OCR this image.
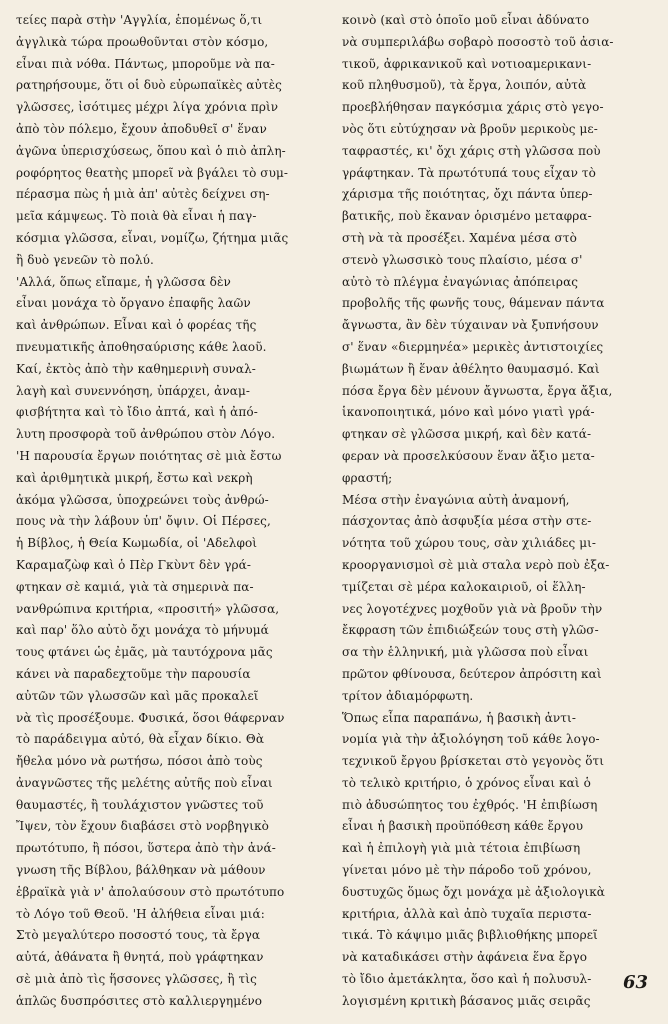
τείες παρὰ στὴν 'Αγγλία, ἑπομένως ὅ,τι
ἀγγλικὰ τώρα προωθοῦνται στὸν κόσμο,
εἶναι πιὰ νόθα. Πάντως, μποροῦμε νὰ πα-
ρατηρήσουμε, ὅτι οἱ δυὸ εὐρωπαϊκὲς αὐτὲς
γλῶσσες, ἰσότιμες μέχρι λίγα χρόνια πρὶν
ἀπὸ τὸν πόλεμο, ἔχουν ἀποδυθεῖ σ' ἕναν
ἀγῶνα ὑπερισχύσεως, ὅπου καὶ ὁ πιὸ ἀπλη-
ροφόρητος θεατὴς μπορεῖ νὰ βγάλει τὸ συμ-
πέρασμα πὼς ἡ μιὰ ἀπ' αὐτὲς δείχνει ση-
μεῖα κάμψεως. Τὸ ποιὰ θὰ εἶναι ἡ παγ-
κόσμια γλῶσσα, εἶναι, νομίζω, ζήτημα μιᾶς
ἢ δυὸ γενεῶν τὸ πολύ.
'Αλλά, ὅπως εἴπαμε, ἡ γλῶσσα δὲν
εἶναι μονάχα τὸ ὄργανο ἐπαφῆς λαῶν
καὶ ἀνθρώπων. Εἶναι καὶ ὁ φορέας τῆς
πνευματικῆς ἀποθησαύρισης κάθε λαοῦ.
Καί, ἐκτὸς ἀπὸ τὴν καθημερινὴ συναλ-
λαγὴ καὶ συνεννόηση, ὑπάρχει, ἀναμ-
φισβήτητα καὶ τὸ ἴδιο ἀπτά, καὶ ἡ ἀπό-
λυτη προσφορὰ τοῦ ἀνθρώπου στὸν Λόγο.
'Η παρουσία ἔργων ποιότητας σὲ μιὰ ἔστω
καὶ ἀριθμητικὰ μικρή, ἔστω καὶ νεκρὴ
ἀκόμα γλῶσσα, ὑποχρεώνει τοὺς ἀνθρώ-
πους νὰ τὴν λάβουν ὑπ' ὄψιν. Οἱ Πέρσες,
ἡ Βίβλος, ἡ Θεία Κωμωδία, οἱ 'Αδελφοὶ
Καραμαζὼφ καὶ ὁ Πὲρ Γκὺντ δὲν γρά-
φτηκαν σὲ καμιά, γιὰ τὰ σημερινὰ πα-
νανθρώπινα κριτήρια, «προσιτή» γλῶσσα,
καὶ παρ' ὅλο αὐτὸ ὄχι μονάχα τὸ μήνυμά
τους φτάνει ὡς ἐμᾶς, μὰ ταυτόχρονα μᾶς
κάνει νὰ παραδεχτοῦμε τὴν παρουσία
αὐτῶν τῶν γλωσσῶν καὶ μᾶς προκαλεῖ
νὰ τὶς προσέξουμε. Φυσικά, ὅσοι θάφερναν
τὸ παράδειγμα αὐτό, θὰ εἶχαν δίκιο. Θὰ
ἤθελα μόνο νὰ ρωτήσω, πόσοι ἀπὸ τοὺς
ἀναγνῶστες τῆς μελέτης αὐτῆς ποὺ εἶναι
θαυμαστές, ἢ τουλάχιστον γνῶστες τοῦ
Ἴψεν, τὸν ἔχουν διαβάσει στὸ νορβηγικὸ
πρωτότυπο, ἢ πόσοι, ὕστερα ἀπὸ τὴν ἀνά-
γνωση τῆς Βίβλου, βάλθηκαν νὰ μάθουν
ἑβραϊκὰ γιὰ ν' ἀπολαύσουν στὸ πρωτότυπο
τὸ Λόγο τοῦ Θεοῦ. 'Η ἀλήθεια εἶναι μιά:
Στὸ μεγαλύτερο ποσοστό τους, τὰ ἔργα
αὐτά, ἀθάνατα ἢ θνητά, ποὺ γράφτηκαν
σὲ μιὰ ἀπὸ τὶς ἥσσονες γλῶσσες, ἢ τὶς
ἁπλῶς δυσπρόσιτες στὸ καλλιεργημένο
κοινὸ (καὶ στὸ ὁποῖο μοῦ εἶναι ἀδύνατο
νὰ συμπεριλάβω σοβαρὸ ποσοστὸ τοῦ ἀσια-
τικοῦ, ἀφρικανικοῦ καὶ νοτιοαμερικανι-
κοῦ πληθυσμοῦ), τὰ ἔργα, λοιπόν, αὐτὰ
προεβλήθησαν παγκόσμια χάρις στὸ γεγο-
νὸς ὅτι εὐτύχησαν νὰ βροῦν μερικοὺς με-
ταφραστές, κι' ὄχι χάρις στὴ γλῶσσα ποὺ
γράφτηκαν. Τὰ πρωτότυπά τους εἶχαν τὸ
χάρισμα τῆς ποιότητας, ὄχι πάντα ὑπερ-
βατικῆς, ποὺ ἔκαναν ὁρισμένο μεταφρα-
στὴ νὰ τὰ προσέξει. Χαμένα μέσα στὸ
στενὸ γλωσσικὸ τους πλαίσιο, μέσα σ'
αὐτὸ τὸ πλέγμα ἐναγώνιας ἀπόπειρας
προβολῆς τῆς φωνῆς τους, θάμεναν πάντα
ἄγνωστα, ἂν δὲν τύχαιναν νὰ ξυπνήσουν
σ' ἕναν «διερμηνέα» μερικὲς ἀντιστοιχίες
βιωμάτων ἢ ἕναν ἀθέλητο θαυμασμό. Καὶ
πόσα ἔργα δὲν μένουν ἄγνωστα, ἔργα ἄξια,
ἱκανοποιητικά, μόνο καὶ μόνο γιατὶ γρά-
φτηκαν σὲ γλῶσσα μικρή, καὶ δὲν κατά-
φεραν νὰ προσελκύσουν ἕναν ἄξιο μετα-
φραστή;
Μέσα στὴν ἐναγώνια αὐτὴ ἀναμονή,
πάσχοντας ἀπὸ ἀσφυξία μέσα στὴν στε-
νότητα τοῦ χώρου τους, σὰν χιλιάδες μι-
κροοργανισμοὶ σὲ μιὰ σταλα νερὸ ποὺ ἐξα-
τμίζεται σὲ μέρα καλοκαιριοῦ, οἱ ἕλλη-
νες λογοτέχνες μοχθοῦν γιὰ νὰ βροῦν τὴν
ἔκφραση τῶν ἐπιδιώξεών τους στὴ γλῶσ-
σα τὴν ἑλληνική, μιὰ γλῶσσα ποὺ εἶναι
πρῶτον φθίνουσα, δεύτερον ἀπρόσιτη καὶ
τρίτον ἀδιαμόρφωτη.
Ὅπως εἶπα παραπάνω, ἡ βασικὴ ἀντι-
νομία γιὰ τὴν ἀξιολόγηση τοῦ κάθε λογο-
τεχνικοῦ ἔργου βρίσκεται στὸ γεγονὸς ὅτι
τὸ τελικὸ κριτήριο, ὁ χρόνος εἶναι καὶ ὁ
πιὸ ἀδυσώπητος του ἐχθρός. 'Η ἐπιβίωση
εἶναι ἡ βασικὴ προϋπόθεση κάθε ἔργου
καὶ ἡ ἐπιλογὴ γιὰ μιὰ τέτοια ἐπιβίωση
γίνεται μόνο μὲ τὴν πάροδο τοῦ χρόνου,
δυστυχῶς ὅμως ὄχι μονάχα μὲ ἀξιολογικὰ
κριτήρια, ἀλλὰ καὶ ἀπὸ τυχαῖα περιστα-
τικά. Τὸ κάψιμο μιᾶς βιβλιοθήκης μπορεῖ
νὰ καταδικάσει στὴν ἀφάνεια ἕνα ἔργο
τὸ ἴδιο ἀμετάκλητα, ὅσο καὶ ἡ πολυσυλ-
λογισμένη κριτικὴ βάσανος μιᾶς σειρᾶς
63
